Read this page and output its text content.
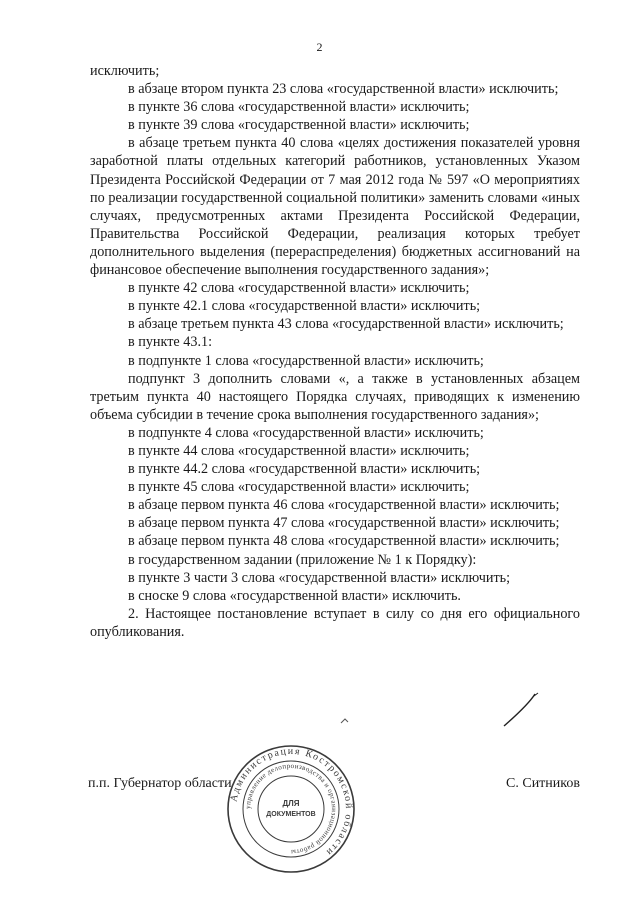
2

исключить;

в абзаце втором пункта 23 слова «государственной власти» исключить;

в пункте 36 слова «государственной власти» исключить;

в пункте 39 слова «государственной власти» исключить;

в абзаце третьем пункта 40 слова «целях достижения показателей уровня заработной платы отдельных категорий работников, установленных Указом Президента Российской Федерации от 7 мая 2012 года № 597 «О мероприятиях по реализации государственной социальной политики» заменить словами «иных случаях, предусмотренных актами Президента Российской Федерации, Правительства Российской Федерации, реализация которых требует дополнительного выделения (перераспределения) бюджетных ассигнований на финансовое обеспечение выполнения государственного задания»;

в пункте 42 слова «государственной власти» исключить;

в пункте 42.1 слова «государственной власти» исключить;

в абзаце третьем пункта 43 слова «государственной власти» исключить;

в пункте 43.1:

в подпункте 1 слова «государственной власти» исключить;

подпункт 3 дополнить словами «, а также в установленных абзацем третьим пункта 40 настоящего Порядка случаях, приводящих к изменению объема субсидии в течение срока выполнения государственного задания»;

в подпункте 4 слова «государственной власти» исключить;

в пункте 44 слова «государственной власти» исключить;

в пункте 44.2 слова «государственной власти» исключить;

в пункте 45 слова «государственной власти» исключить;

в абзаце первом пункта 46 слова «государственной власти» исключить;

в абзаце первом пункта 47 слова «государственной власти» исключить;

в абзаце первом пункта 48 слова «государственной власти» исключить;

в государственном задании (приложение № 1 к Порядку):

в пункте 3 части 3 слова «государственной власти» исключить;

в сноске 9 слова «государственной власти» исключить.

2. Настоящее постановление вступает в силу со дня его официального опубликования.

п.п. Губернатор области	С. Ситников
Администрация Костромской области
управление делопроизводства и организационной работы
ДЛЯ
ДОКУМЕНТОВ
